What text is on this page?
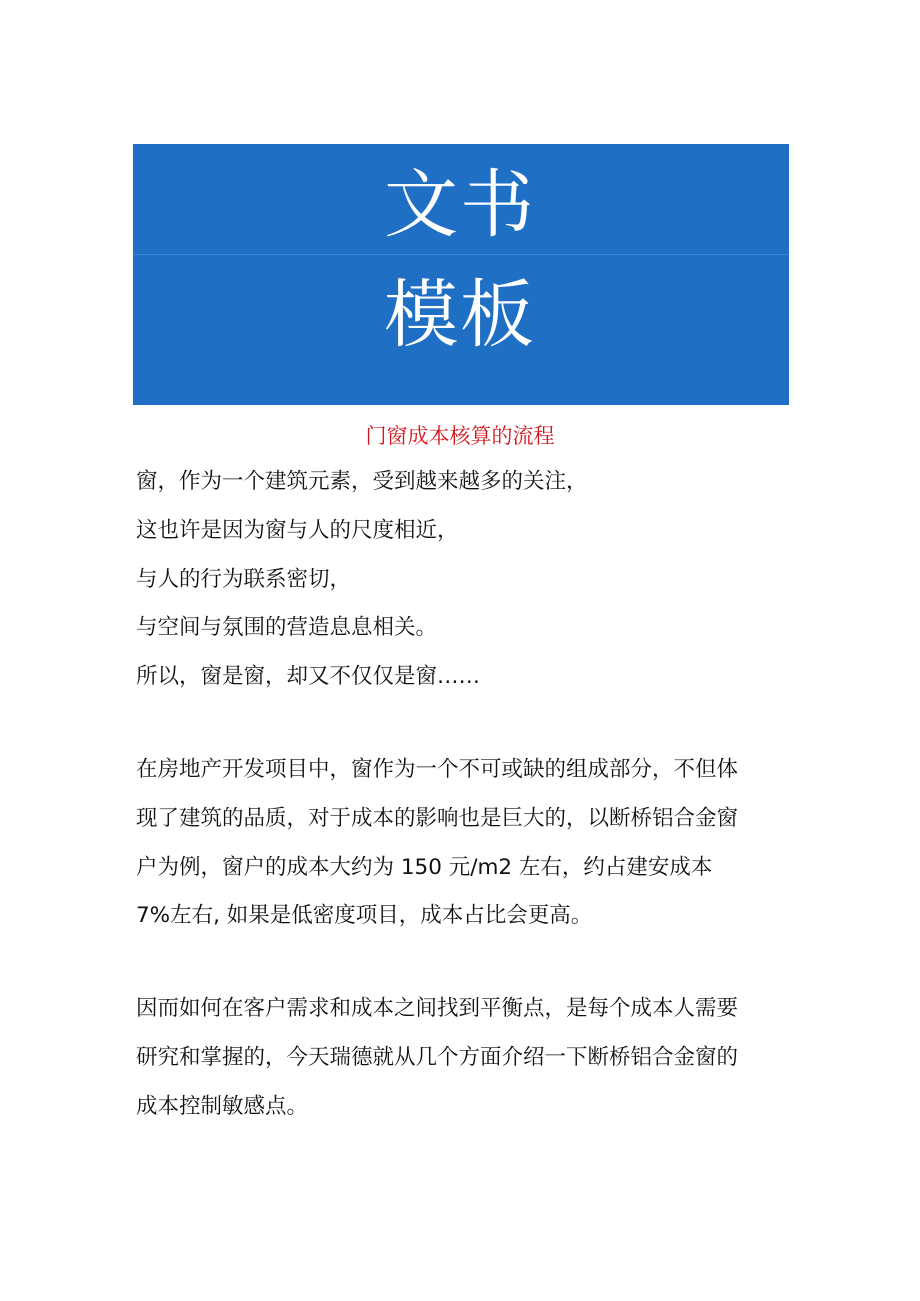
文书
模板
门窗成本核算的流程
窗，作为一个建筑元素，受到越来越多的关注，
这也许是因为窗与人的尺度相近，
与人的行为联系密切，
与空间与氛围的营造息息相关。
所以，窗是窗，却又不仅仅是窗……
在房地产开发项目中，窗作为一个不可或缺的组成部分，不但体
现了建筑的品质，对于成本的影响也是巨大的，以断桥铝合金窗
户为例，窗户的成本大约为 150 元/m2 左右，约占建安成本
7%左右, 如果是低密度项目，成本占比会更高。
因而如何在客户需求和成本之间找到平衡点，是每个成本人需要
研究和掌握的，今天瑞德就从几个方面介绍一下断桥铝合金窗的
成本控制敏感点。
